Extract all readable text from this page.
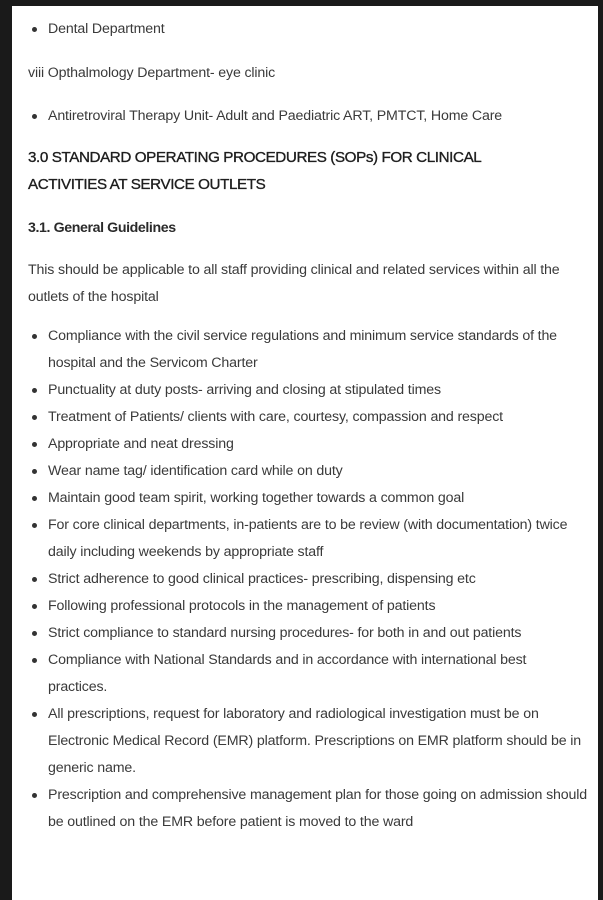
Dental Department
viii Opthalmology Department- eye clinic
Antiretroviral Therapy Unit- Adult and Paediatric ART, PMTCT, Home Care
3.0 STANDARD OPERATING PROCEDURES (SOPs) FOR CLINICAL ACTIVITIES AT SERVICE OUTLETS
3.1. General Guidelines

This should be applicable to all staff providing clinical and related services within all the outlets of the hospital

Compliance with the civil service regulations and minimum service standards of the hospital and the Servicom Charter
Punctuality at duty posts- arriving and closing at stipulated times
Treatment of Patients/ clients with care, courtesy, compassion and respect
Appropriate and neat dressing
Wear name tag/ identification card while on duty
Maintain good team spirit, working together towards a common goal
For core clinical departments, in-patients are to be review (with documentation) twice daily including weekends by appropriate staff
Strict adherence to good clinical practices- prescribing, dispensing etc
Following professional protocols in the management of patients
Strict compliance to standard nursing procedures- for both in and out patients
Compliance with National Standards and in accordance with international best practices.
All prescriptions, request for laboratory and radiological investigation must be on Electronic Medical Record (EMR) platform. Prescriptions on EMR platform should be in generic name.
Prescription and comprehensive management plan for those going on admission should be outlined on the EMR before patient is moved to the ward
